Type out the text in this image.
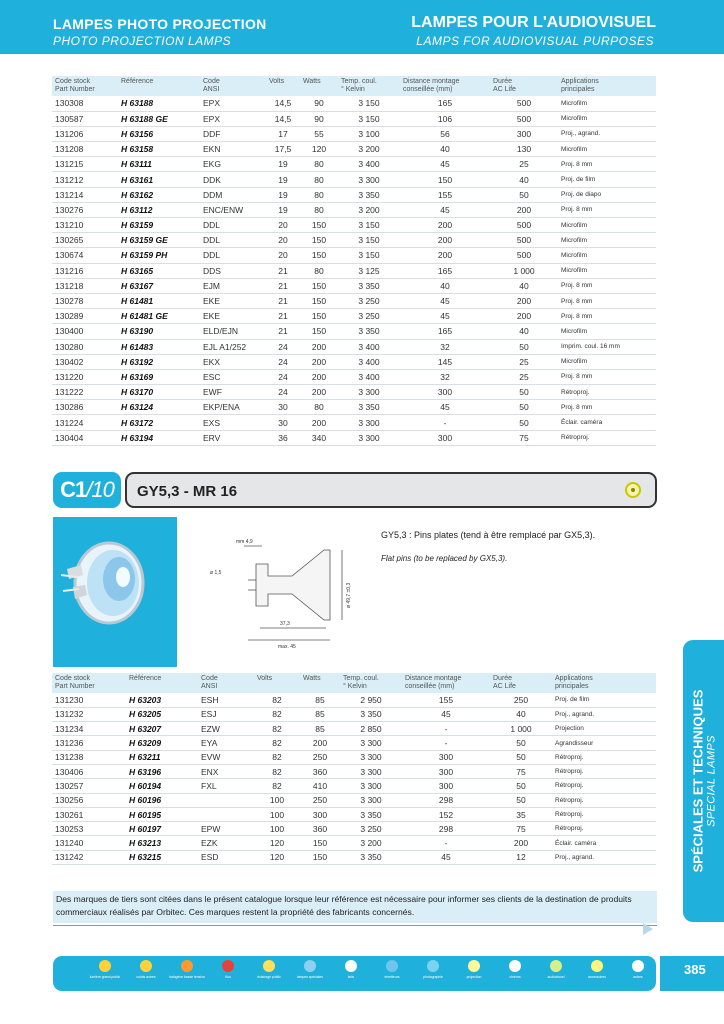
LAMPES PHOTO PROJECTION
PHOTO PROJECTION LAMPS
LAMPES POUR L'AUDIOVISUEL
LAMPS FOR AUDIOVISUAL PURPOSES
Code stock
Part Number	Référence	Code
ANSI	Volts	Watts	Temp. coul.
° Kelvin	Distance montage
conseillée (mm)	Durée
AC Life	Applications
principales
130308	H 63188	EPX	14,5	90	3 150	165	500	Microfilm
130587	H 63188 GE	EPX	14,5	90	3 150	106	500	Microfilm
131206	H 63156	DDF	17	55	3 100	56	300	Proj., agrand.
131208	H 63158	EKN	17,5	120	3 200	40	130	Microfilm
131215	H 63111	EKG	19	80	3 400	45	25	Proj. 8 mm
131212	H 63161	DDK	19	80	3 300	150	40	Proj. de film
131214	H 63162	DDM	19	80	3 350	155	50	Proj. de diapo
130276	H 63112	ENC/ENW	19	80	3 200	45	200	Proj. 8 mm
131210	H 63159	DDL	20	150	3 150	200	500	Microfilm
130265	H 63159 GE	DDL	20	150	3 150	200	500	Microfilm
130674	H 63159 PH	DDL	20	150	3 150	200	500	Microfilm
131216	H 63165	DDS	21	80	3 125	165	1 000	Microfilm
131218	H 63167	EJM	21	150	3 350	40	40	Proj. 8 mm
130278	H 61481	EKE	21	150	3 250	45	200	Proj. 8 mm
130289	H 61481 GE	EKE	21	150	3 250	45	200	Proj. 8 mm
130400	H 63190	ELD/EJN	21	150	3 350	165	40	Microfilm
130280	H 61483	EJL A1/252	24	200	3 400	32	50	Imprim. coul. 16 mm
130402	H 63192	EKX	24	200	3 400	145	25	Microfilm
131220	H 63169	ESC	24	200	3 400	32	25	Proj. 8 mm
131222	H 63170	EWF	24	200	3 300	300	50	Rétroproj.
130286	H 63124	EKP/ENA	30	80	3 350	45	50	Proj. 8 mm
131224	H 63172	EXS	30	200	3 300	-	50	Éclair. caméra
130404	H 63194	ERV	36	340	3 300	300	75	Rétroproj.
C1/10	GY5,3 - MR 16
mm 4,9
ø 1,5
37,3
max. 45
ø 49,7 ±0,3
GY5,3 : Pins plates (tend à être remplacé par GX5,3).
Flat pins (to be replaced by GX5,3).
Code stock
Part Number	Référence	Code
ANSI	Volts	Watts	Temp. coul.
° Kelvin	Distance montage
conseillée (mm)	Durée
AC Life	Applications
principales
131230	H 63203	ESH	82	85	2 950	155	250	Proj. de film
131232	H 63205	ESJ	82	85	3 350	45	40	Proj., agrand.
131234	H 63207	EZW	82	85	2 850	-	1 000	Projection
131236	H 63209	EYA	82	200	3 300	-	50	Agrandisseur
131238	H 63211	EVW	82	250	3 300	300	50	Rétroproj.
130406	H 63196	ENX	82	360	3 300	300	75	Rétroproj.
130257	H 60194	FXL	82	410	3 300	300	50	Rétroproj.
130256	H 60196		100	250	3 300	298	50	Rétroproj.
130261	H 60195		100	300	3 350	152	35	Rétroproj.
130253	H 60197	EPW	100	360	3 250	298	75	Rétroproj.
131240	H 63213	EZK	120	150	3 200	-	200	Éclair. caméra
131242	H 63215	ESD	120	150	3 350	45	12	Proj., agrand.
Des marques de tiers sont citées dans le présent catalogue lorsque leur référence est nécessaire pour informer ses clients de la destination de produits commerciaux réalisés par Orbitec. Ces marques restent la propriété des fabricants concernés.
SPÉCIALES ET TECHNIQUES SPECIAL LAMPS
lumière grand public	culots autres	halogène basse tension	fluo	éclairage public	lampes spéciales	leds	émetteurs	photographie	projection	cinéma	audiovisuel	accessoires	autres	385
